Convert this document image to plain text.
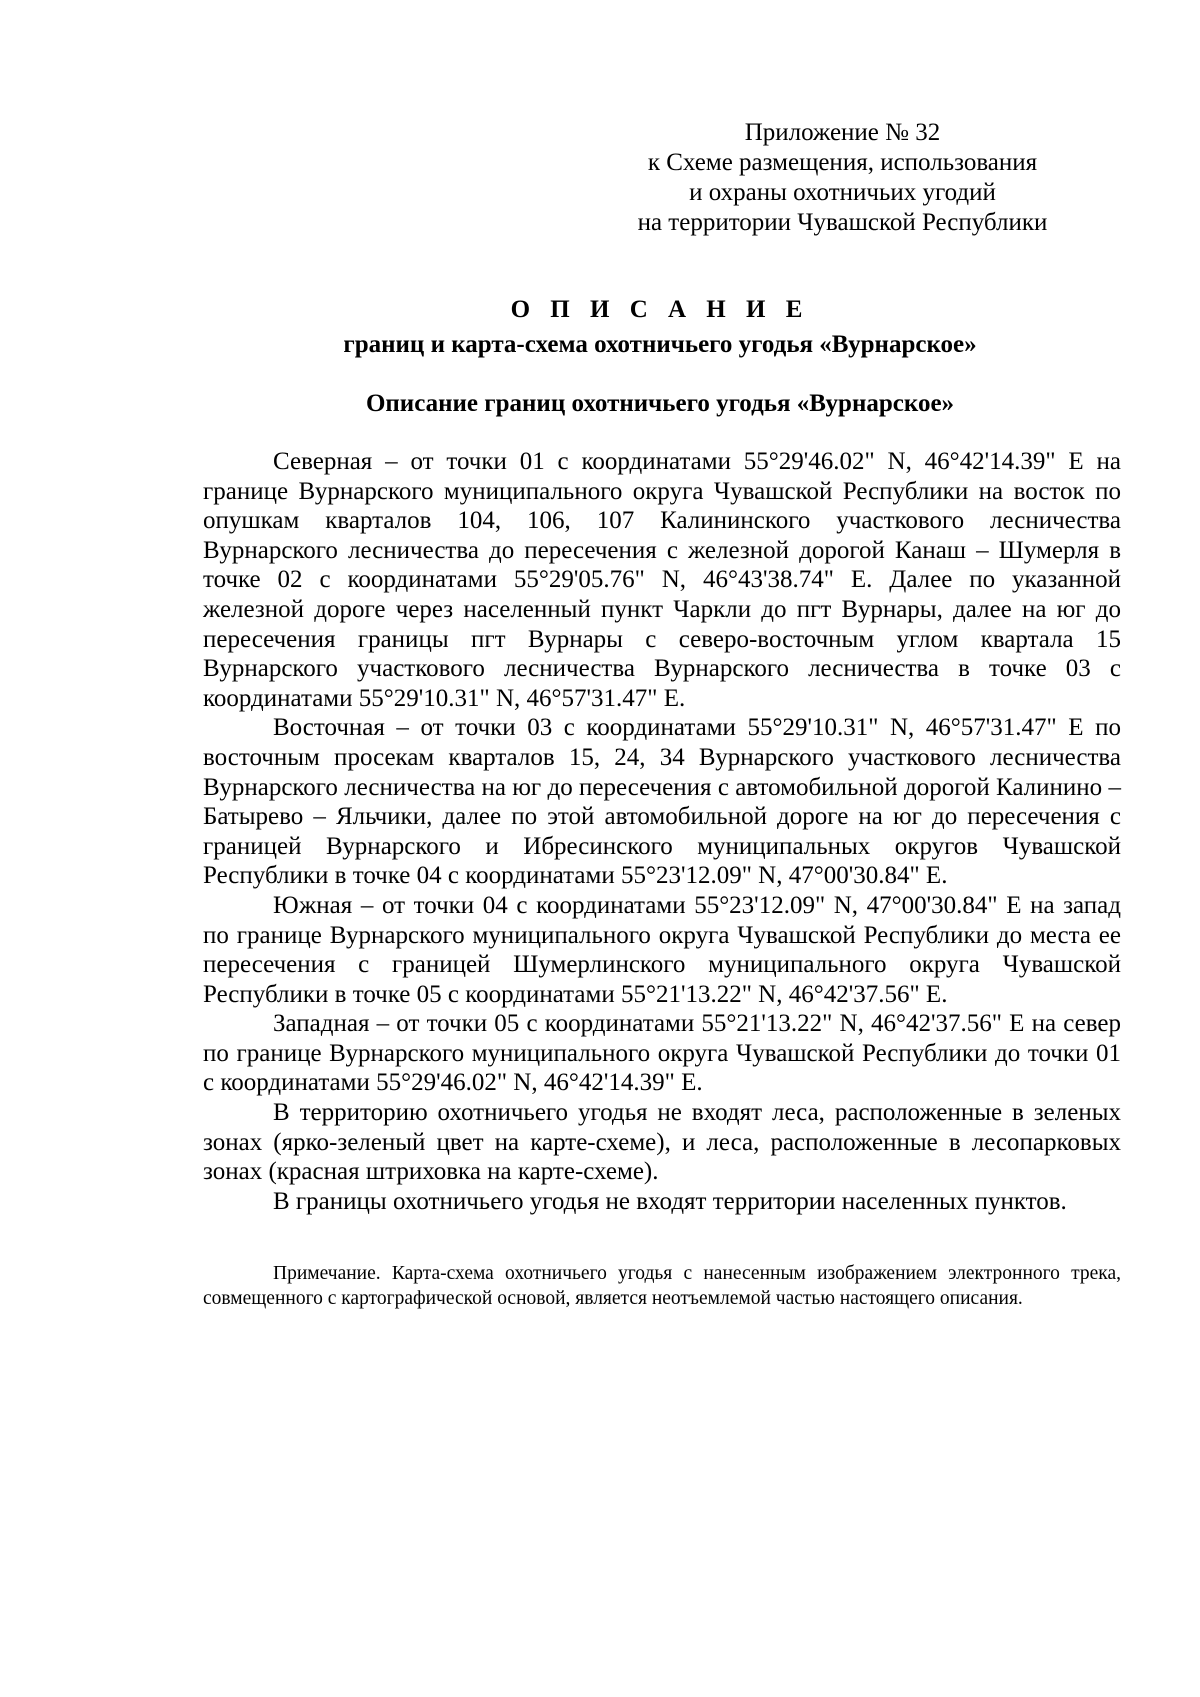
Приложение № 32
к Схеме размещения, использования
и охраны охотничьих угодий
на территории Чувашской Республики
О П И С А Н И Е
границ и карта-схема охотничьего угодья «Вурнарское»
Описание границ охотничьего угодья «Вурнарское»

Северная – от точки 01 с координатами 55°29'46.02" N, 46°42'14.39" E на границе Вурнарского муниципального округа Чувашской Республики на восток по опушкам кварталов 104, 106, 107 Калининского участкового лесничества Вурнарского лесничества до пересечения с железной дорогой Канаш – Шумерля в точке 02 с координатами 55°29'05.76" N, 46°43'38.74" E. Далее по указанной железной дороге через населенный пункт Чаркли до пгт Вурнары, далее на юг до пересечения границы пгт Вурнары с северо-восточным углом квартала 15 Вурнарского участкового лесничества Вурнарского лесничества в точке 03 с координатами 55°29'10.31" N, 46°57'31.47" E.

Восточная – от точки 03 с координатами 55°29'10.31" N, 46°57'31.47" E по восточным просекам кварталов 15, 24, 34 Вурнарского участкового лесничества Вурнарского лесничества на юг до пересечения с автомобильной дорогой Калинино – Батырево – Яльчики, далее по этой автомобильной дороге на юг до пересечения с границей Вурнарского и Ибресинского муниципальных округов Чувашской Республики в точке 04 с координатами 55°23'12.09" N, 47°00'30.84" E.

Южная – от точки 04 с координатами 55°23'12.09" N, 47°00'30.84" E на запад по границе Вурнарского муниципального округа Чувашской Республики до места ее пересечения с границей Шумерлинского муниципального округа Чувашской Республики в точке 05 с координатами 55°21'13.22" N, 46°42'37.56" E.

Западная – от точки 05 с координатами 55°21'13.22" N, 46°42'37.56" E на север по границе Вурнарского муниципального округа Чувашской Республики до точки 01 с координатами 55°29'46.02" N, 46°42'14.39" E.

В территорию охотничьего угодья не входят леса, расположенные в зеленых зонах (ярко-зеленый цвет на карте-схеме), и леса, расположенные в лесопарковых зонах (красная штриховка на карте-схеме).

В границы охотничьего угодья не входят территории населенных пунктов.

Примечание. Карта-схема охотничьего угодья с нанесенным изображением электронного трека, совмещенного с картографической основой, является неотъемлемой частью настоящего описания.
